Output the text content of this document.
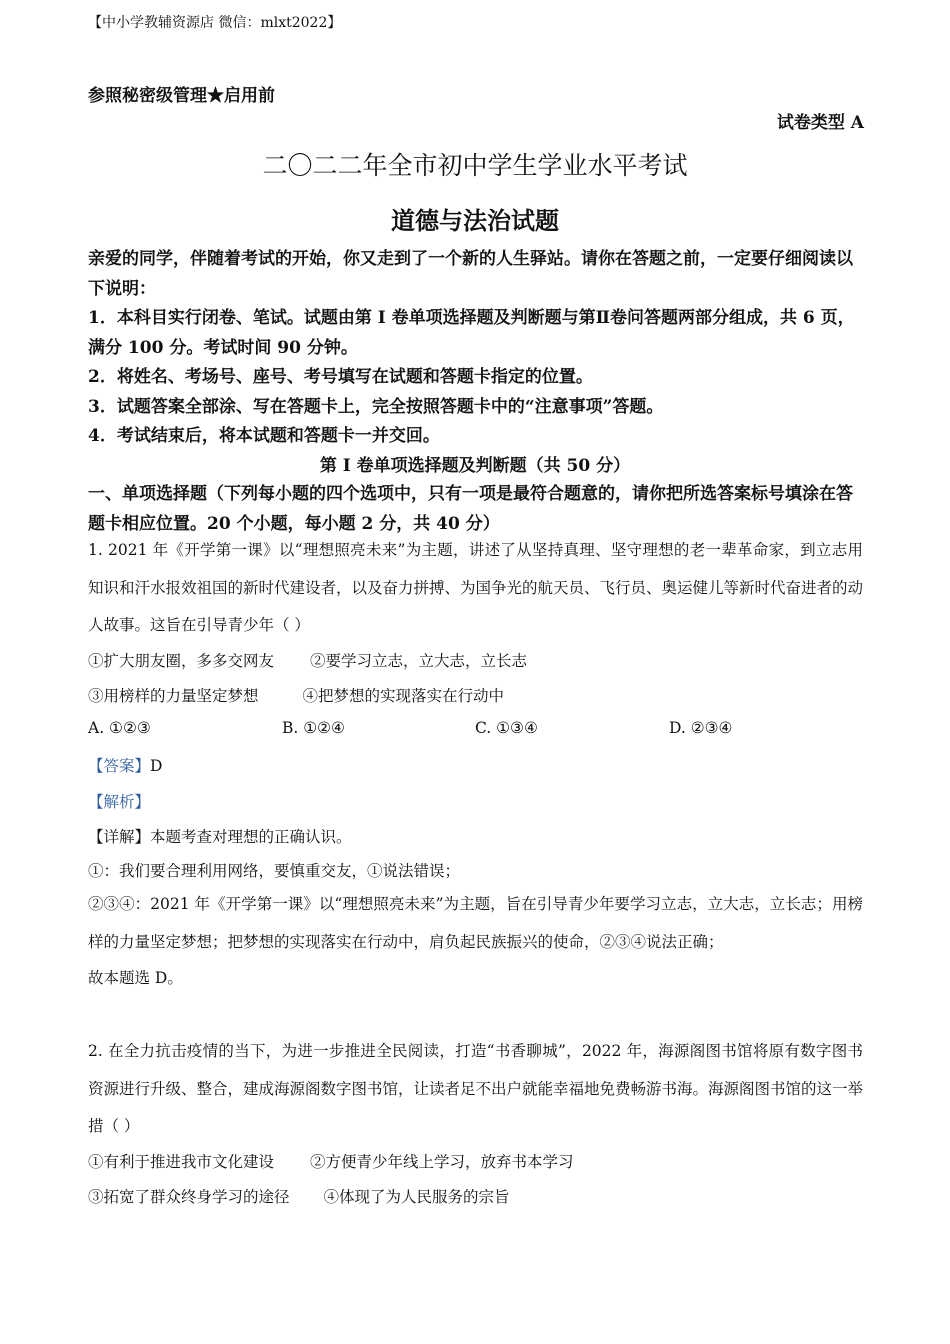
【中小学教辅资源店 微信：mlxt2022】
参照秘密级管理★启用前
试卷类型 A
二〇二二年全市初中学生学业水平考试
道德与法治试题

亲爱的同学，伴随着考试的开始，你又走到了一个新的人生驿站。请你在答题之前，一定要仔细阅读以下说明：

1．本科目实行闭卷、笔试。试题由第 I 卷单项选择题及判断题与第Ⅱ卷问答题两部分组成，共 6 页，满分 100 分。考试时间 90 分钟。

2．将姓名、考场号、座号、考号填写在试题和答题卡指定的位置。

3．试题答案全部涂、写在答题卡上，完全按照答题卡中的“注意事项”答题。

4．考试结束后，将本试题和答题卡一并交回。

第 I 卷单项选择题及判断题（共 50 分）
一、单项选择题（下列每小题的四个选项中，只有一项是最符合题意的，请你把所选答案标号填涂在答题卡相应位置。20 个小题，每小题 2 分，共 40 分）
1. 2021 年《开学第一课》以“理想照亮未来”为主题，讲述了从坚持真理、坚守理想的老一辈革命家，到立志用知识和汗水报效祖国的新时代建设者，以及奋力拼搏、为国争光的航天员、飞行员、奥运健儿等新时代奋进者的动人故事。这旨在引导青少年（ ）
①扩大朋友圈，多多交网友 ②要学习立志，立大志，立长志
③用榜样的力量坚定梦想	④把梦想的实现落实在行动中
A. ①②③	B. ①②④	C. ①③④	D. ②③④
【答案】D
【解析】
【详解】本题考查对理想的正确认识。
①：我们要合理利用网络，要慎重交友，①说法错误；
②③④：2021 年《开学第一课》以“理想照亮未来”为主题，旨在引导青少年要学习立志，立大志，立长志；用榜样的力量坚定梦想；把梦想的实现落实在行动中，肩负起民族振兴的使命，②③④说法正确；
故本题选 D。
2. 在全力抗击疫情的当下，为进一步推进全民阅读，打造“书香聊城”，2022 年，海源阁图书馆将原有数字图书资源进行升级、整合，建成海源阁数字图书馆，让读者足不出户就能幸福地免费畅游书海。海源阁图书馆的这一举措（ ）
①有利于推进我市文化建设 ②方便青少年线上学习，放弃书本学习
③拓宽了群众终身学习的途径 ④体现了为人民服务的宗旨
